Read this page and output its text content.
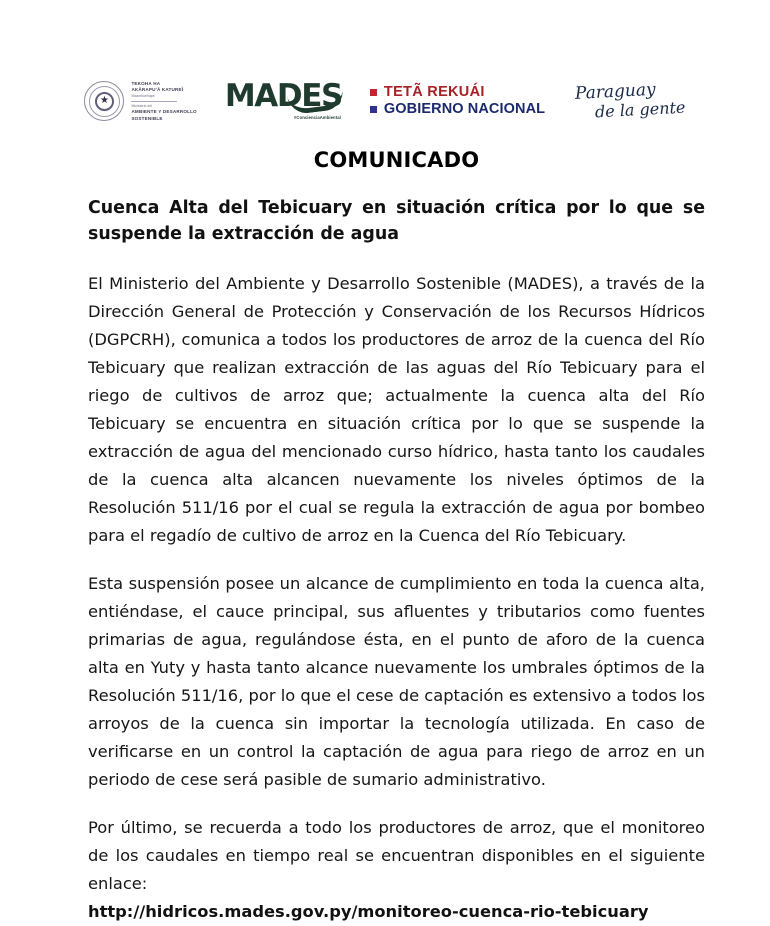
★
TEKOHA HA
AKÃRAPU'Ã KATUREÎ
Moambuehápe
Ministerio del
AMBIENTE Y DESARROLLO
SOSTENIBLE
MADES
#ConcienciaAmbiental
TETÃ REKUÁI
GOBIERNO NACIONAL
Paraguay
de la gente
COMUNICADO
Cuenca Alta del Tebicuary en situación crítica por lo que se suspende la extracción de agua

El Ministerio del Ambiente y Desarrollo Sostenible (MADES), a través de la Dirección General de Protección y Conservación de los Recursos Hídricos (DGPCRH), comunica a todos los productores de arroz de la cuenca del Río Tebicuary que realizan extracción de las aguas del Río Tebicuary para el riego de cultivos de arroz que; actualmente la cuenca alta del Río Tebicuary se encuentra en situación crítica por lo que se suspende la extracción de agua del mencionado curso hídrico, hasta tanto los caudales de la cuenca alta alcancen nuevamente los niveles óptimos de la Resolución 511/16 por el cual se regula la extracción de agua por bombeo para el regadío de cultivo de arroz en la Cuenca del Río Tebicuary.

Esta suspensión posee un alcance de cumplimiento en toda la cuenca alta, entiéndase, el cauce principal, sus afluentes y tributarios como fuentes primarias de agua, regulándose ésta, en el punto de aforo de la cuenca alta en Yuty y hasta tanto alcance nuevamente los umbrales óptimos de la Resolución 511/16, por lo que el cese de captación es extensivo a todos los arroyos de la cuenca sin importar la tecnología utilizada. En caso de verificarse en un control la captación de agua para riego de arroz en un periodo de cese será pasible de sumario administrativo.

Por último, se recuerda a todo los productores de arroz, que el monitoreo de los caudales en tiempo real se encuentran disponibles en el siguiente enlace: http://hidricos.mades.gov.py/monitoreo-cuenca-rio-tebicuary
